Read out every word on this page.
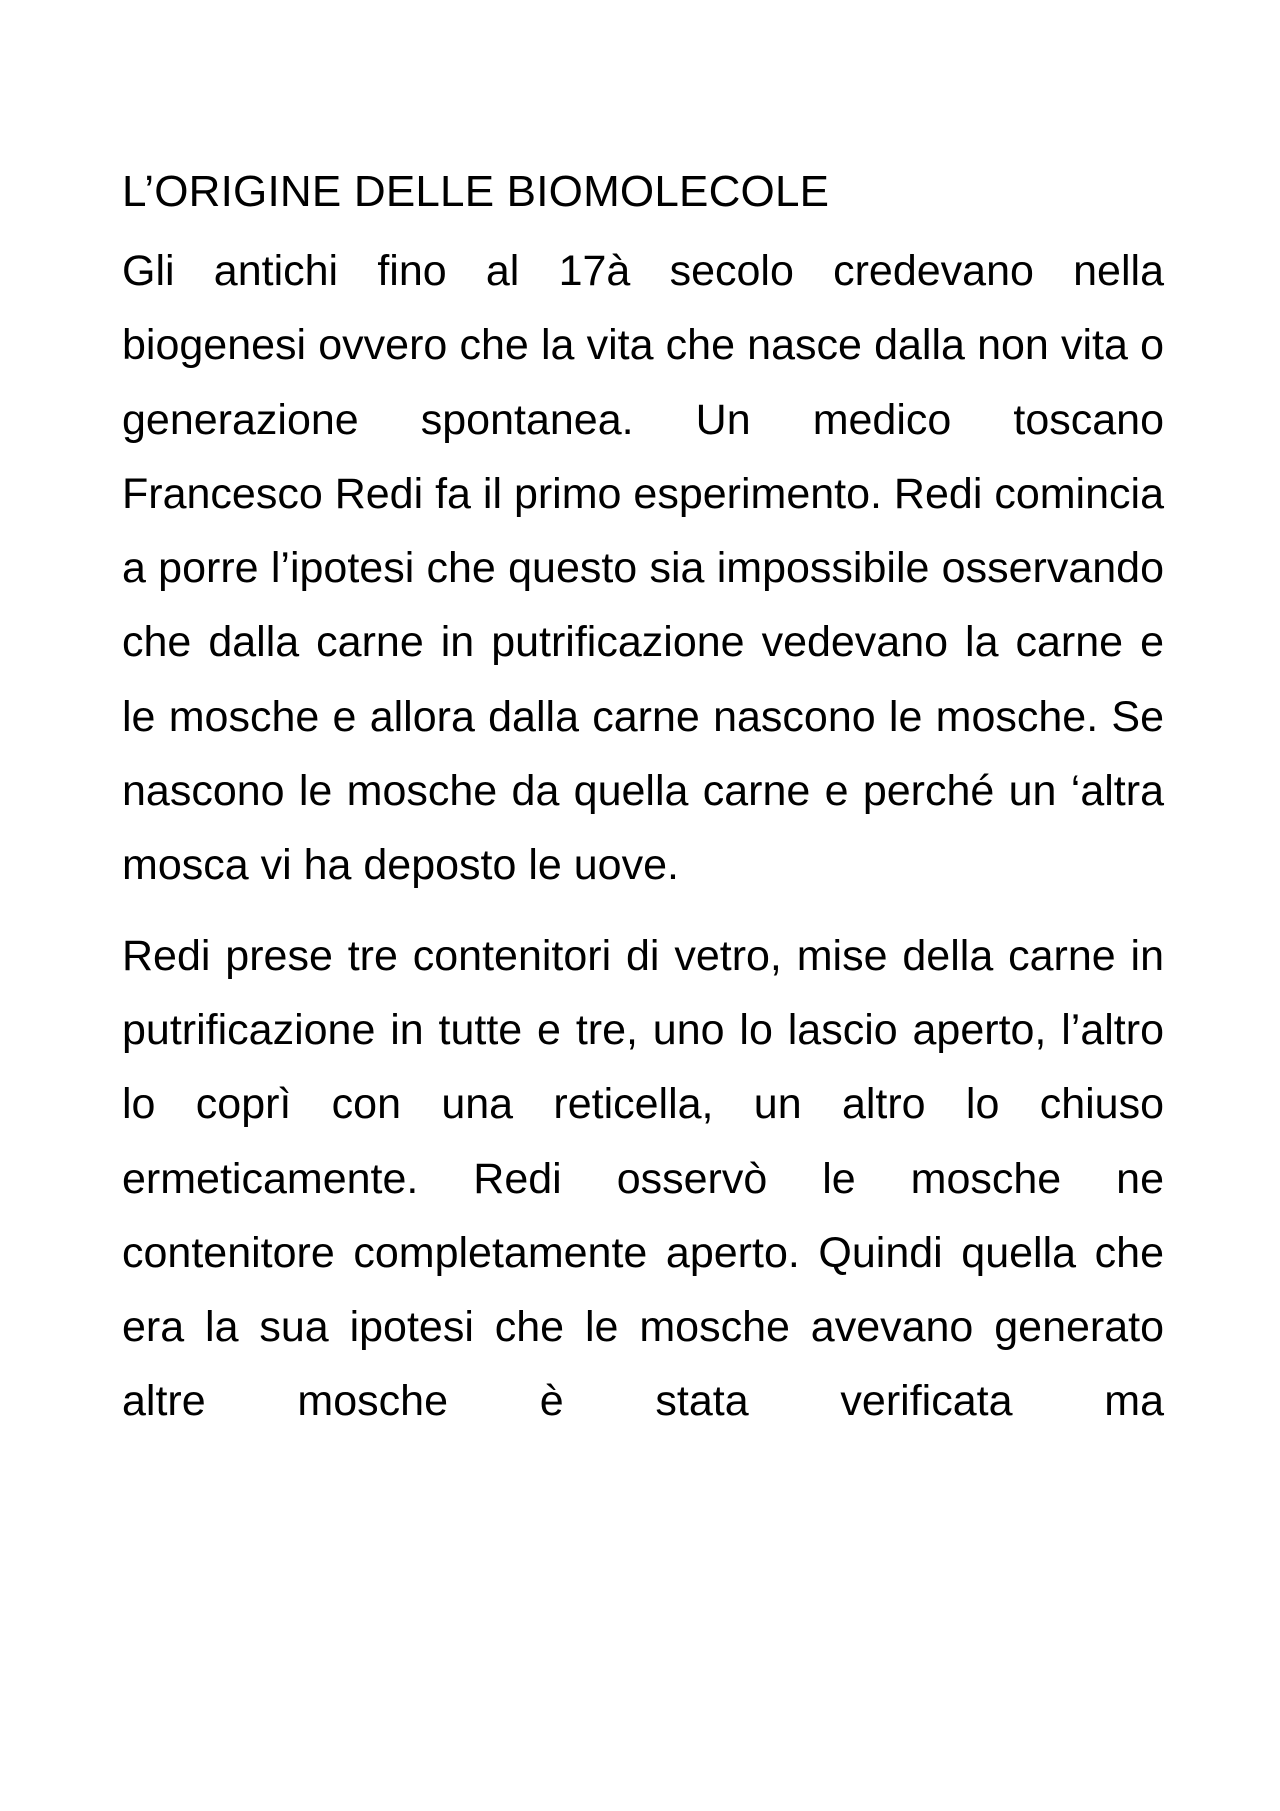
L’ORIGINE DELLE BIOMOLECOLE

Gli antichi fino al 17à secolo credevano nella biogenesi ovvero che la vita che nasce dalla non vita o generazione spontanea. Un medico toscano Francesco Redi fa il primo esperimento. Redi comincia a porre l’ipotesi che questo sia impossibile osservando che dalla carne in putrificazione vedevano la carne e le mosche e allora dalla carne nascono le mosche. Se nascono le mosche da quella carne e perché un ‘altra mosca vi ha deposto le uove.

Redi prese tre contenitori di vetro, mise della carne in putrificazione in tutte e tre, uno lo lascio aperto, l’altro lo coprì con una reticella, un altro lo chiuso ermeticamente. Redi osservò le mosche ne contenitore completamente aperto. Quindi quella che era la sua ipotesi che le mosche avevano generato altre mosche è stata verificata ma
